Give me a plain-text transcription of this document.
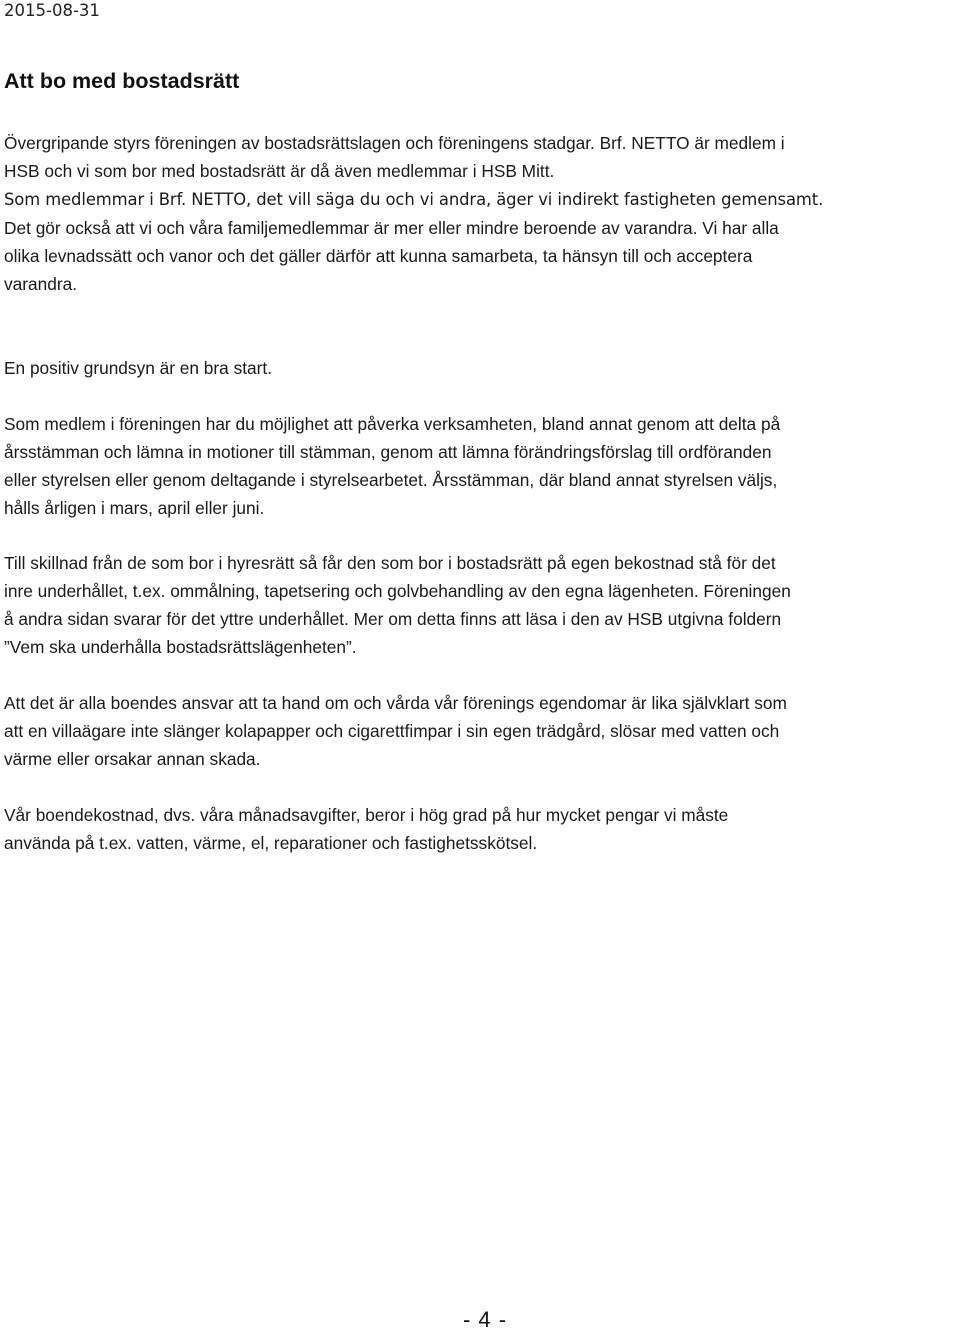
2015-08-31
Att bo med bostadsrätt

Övergripande styrs föreningen av bostadsrättslagen och föreningens stadgar. Brf. NETTO är medlem i
HSB och vi som bor med bostadsrätt är då även medlemmar i HSB Mitt.

Som medlemmar i Brf. NETTO, det vill säga du och vi andra, äger vi indirekt fastigheten gemensamt.
Det gör också att vi och våra familjemedlemmar är mer eller mindre beroende av varandra. Vi har alla
olika levnadssätt och vanor och det gäller därför att kunna samarbeta, ta hänsyn till och acceptera
varandra.

En positiv grundsyn är en bra start.

Som medlem i föreningen har du möjlighet att påverka verksamheten, bland annat genom att delta på
årsstämman och lämna in motioner till stämman, genom att lämna förändringsförslag till ordföranden
eller styrelsen eller genom deltagande i styrelsearbetet. Årsstämman, där bland annat styrelsen väljs,
hålls årligen i mars, april eller juni.

Till skillnad från de som bor i hyresrätt så får den som bor i bostadsrätt på egen bekostnad stå för det
inre underhållet, t.ex. ommålning, tapetsering och golvbehandling av den egna lägenheten. Föreningen
å andra sidan svarar för det yttre underhållet. Mer om detta finns att läsa i den av HSB utgivna foldern
”Vem ska underhålla bostadsrättslägenheten”.

Att det är alla boendes ansvar att ta hand om och vårda vår förenings egendomar är lika självklart som
att en villaägare inte slänger kolapapper och cigarettfimpar i sin egen trädgård, slösar med vatten och
värme eller orsakar annan skada.

Vår boendekostnad, dvs. våra månadsavgifter, beror i hög grad på hur mycket pengar vi måste
använda på t.ex. vatten, värme, el, reparationer och fastighetsskötsel.

- 4 -
